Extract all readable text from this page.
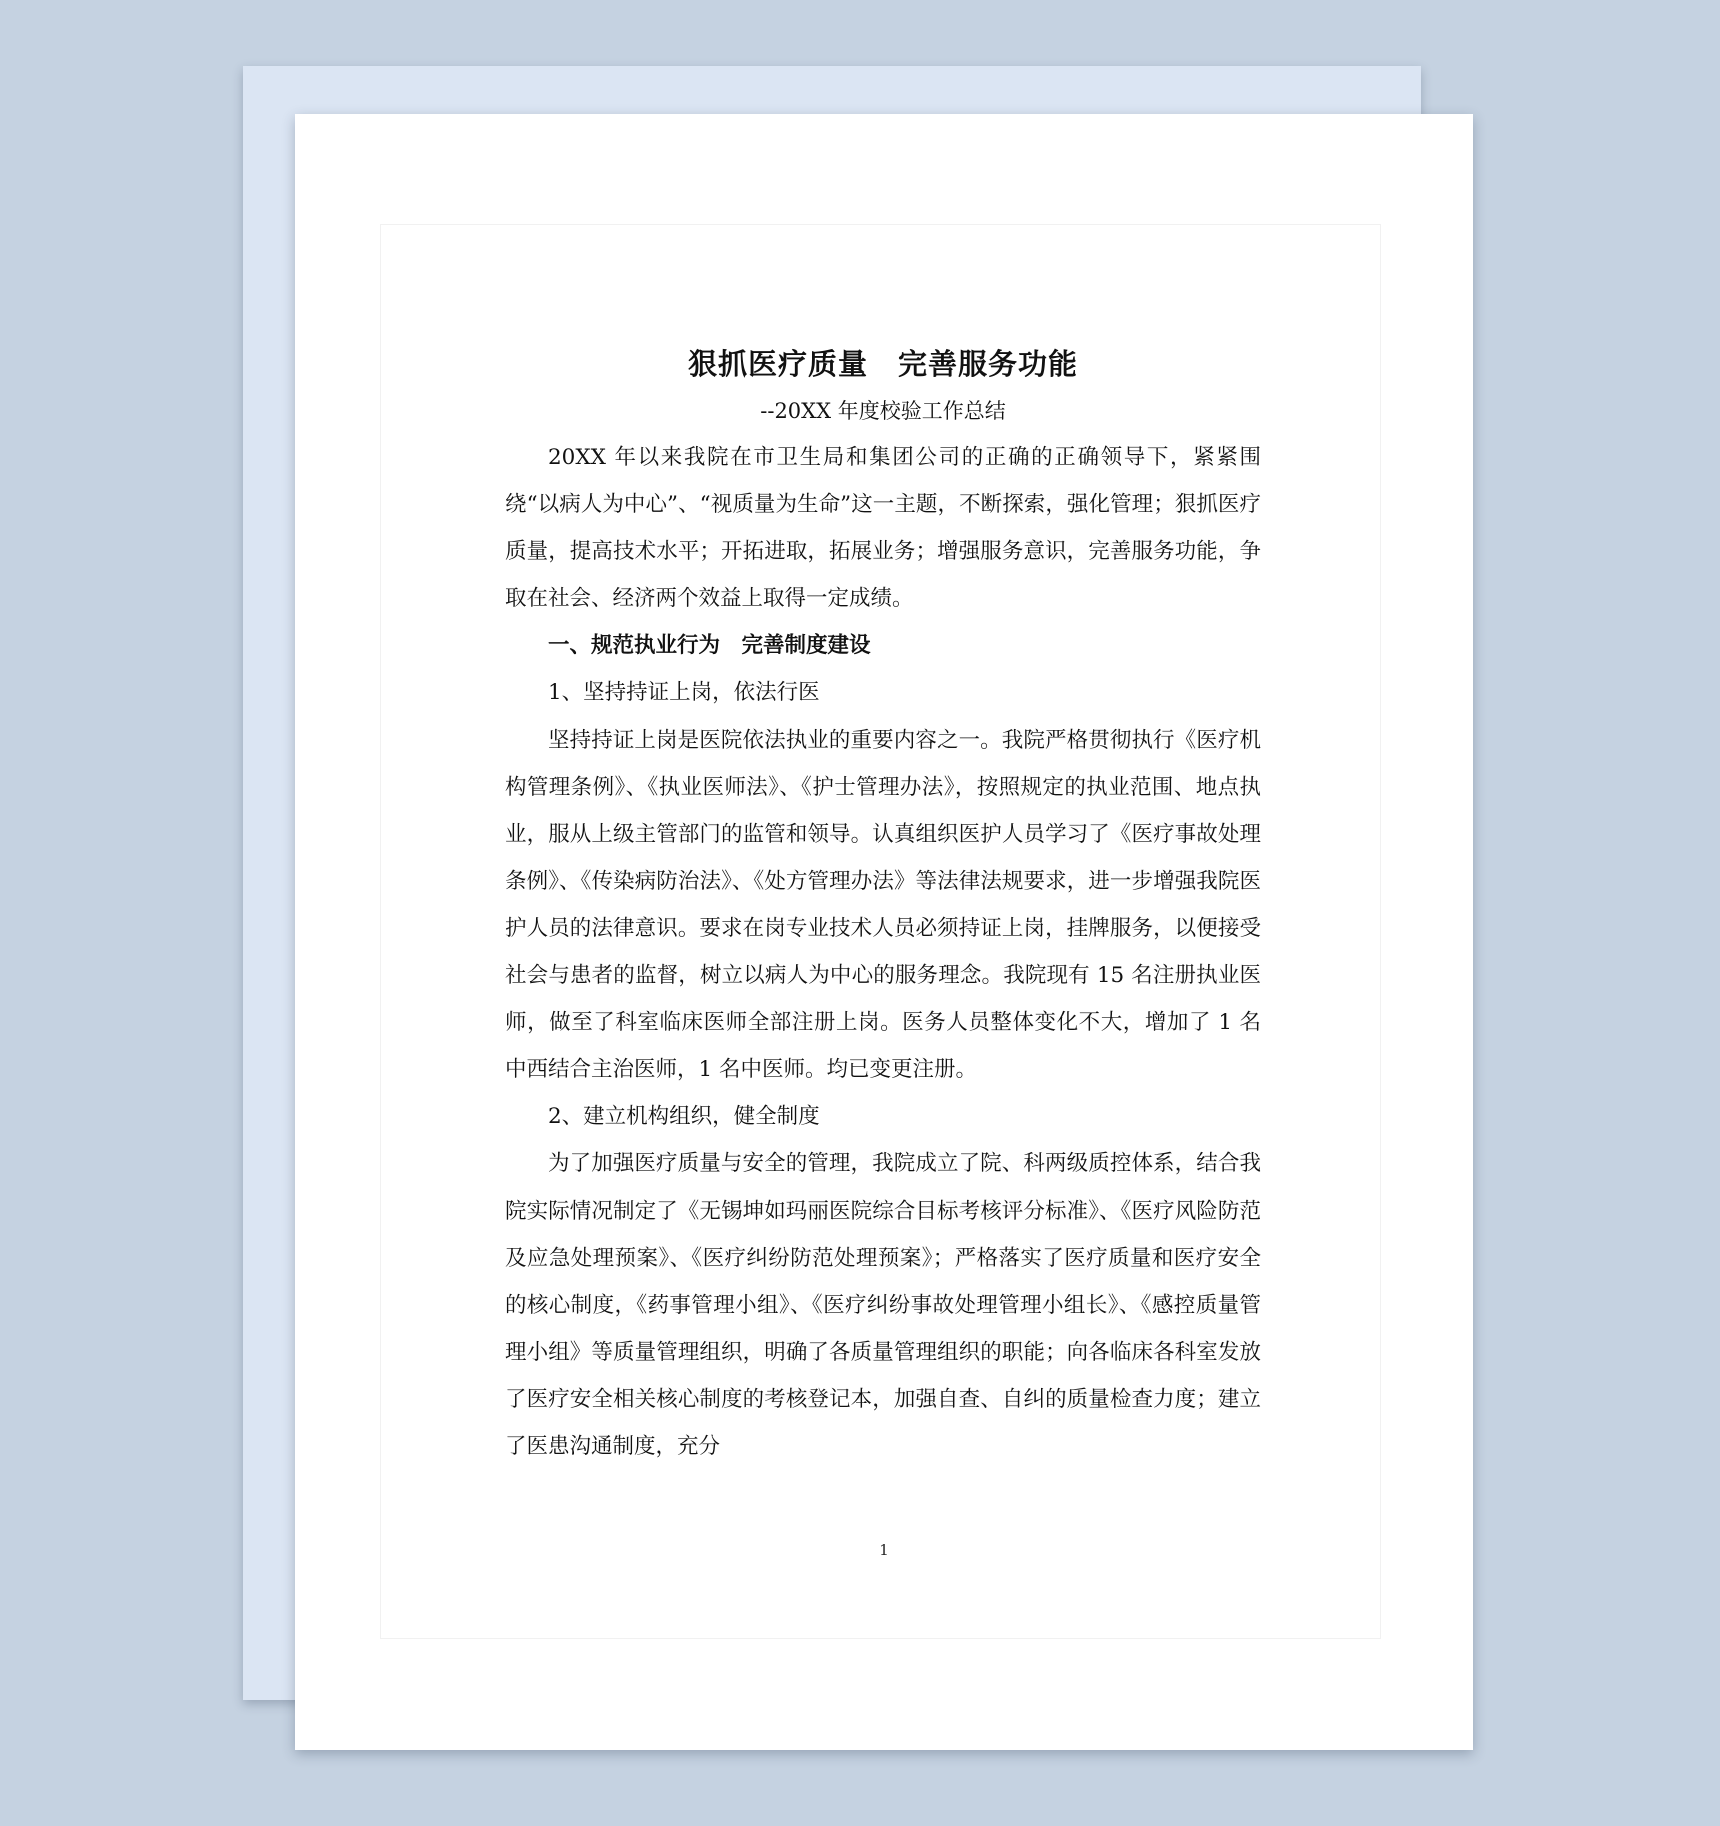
狠抓医疗质量　完善服务功能

--20XX 年度校验工作总结

20XX 年以来我院在市卫生局和集团公司的正确的正确领导下，紧紧围绕“以病人为中心”、“视质量为生命”这一主题，不断探索，强化管理；狠抓医疗质量，提高技术水平；开拓进取，拓展业务；增强服务意识，完善服务功能，争取在社会、经济两个效益上取得一定成绩。

一、规范执业行为　完善制度建设

1、坚持持证上岗，依法行医

坚持持证上岗是医院依法执业的重要内容之一。我院严格贯彻执行《医疗机构管理条例》、《执业医师法》、《护士管理办法》，按照规定的执业范围、地点执业，服从上级主管部门的监管和领导。认真组织医护人员学习了《医疗事故处理条例》、《传染病防治法》、《处方管理办法》等法律法规要求，进一步增强我院医护人员的法律意识。要求在岗专业技术人员必须持证上岗，挂牌服务，以便接受社会与患者的监督，树立以病人为中心的服务理念。我院现有 15 名注册执业医师，做至了科室临床医师全部注册上岗。医务人员整体变化不大，增加了 1 名中西结合主治医师，1 名中医师。均已变更注册。

2、建立机构组织，健全制度

为了加强医疗质量与安全的管理，我院成立了院、科两级质控体系，结合我院实际情况制定了《无锡坤如玛丽医院综合目标考核评分标准》、《医疗风险防范及应急处理预案》、《医疗纠纷防范处理预案》；严格落实了医疗质量和医疗安全的核心制度，《药事管理小组》、《医疗纠纷事故处理管理小组长》、《感控质量管理小组》等质量管理组织，明确了各质量管理组织的职能；向各临床各科室发放了医疗安全相关核心制度的考核登记本，加强自查、自纠的质量检查力度；建立了医患沟通制度，充分

1
